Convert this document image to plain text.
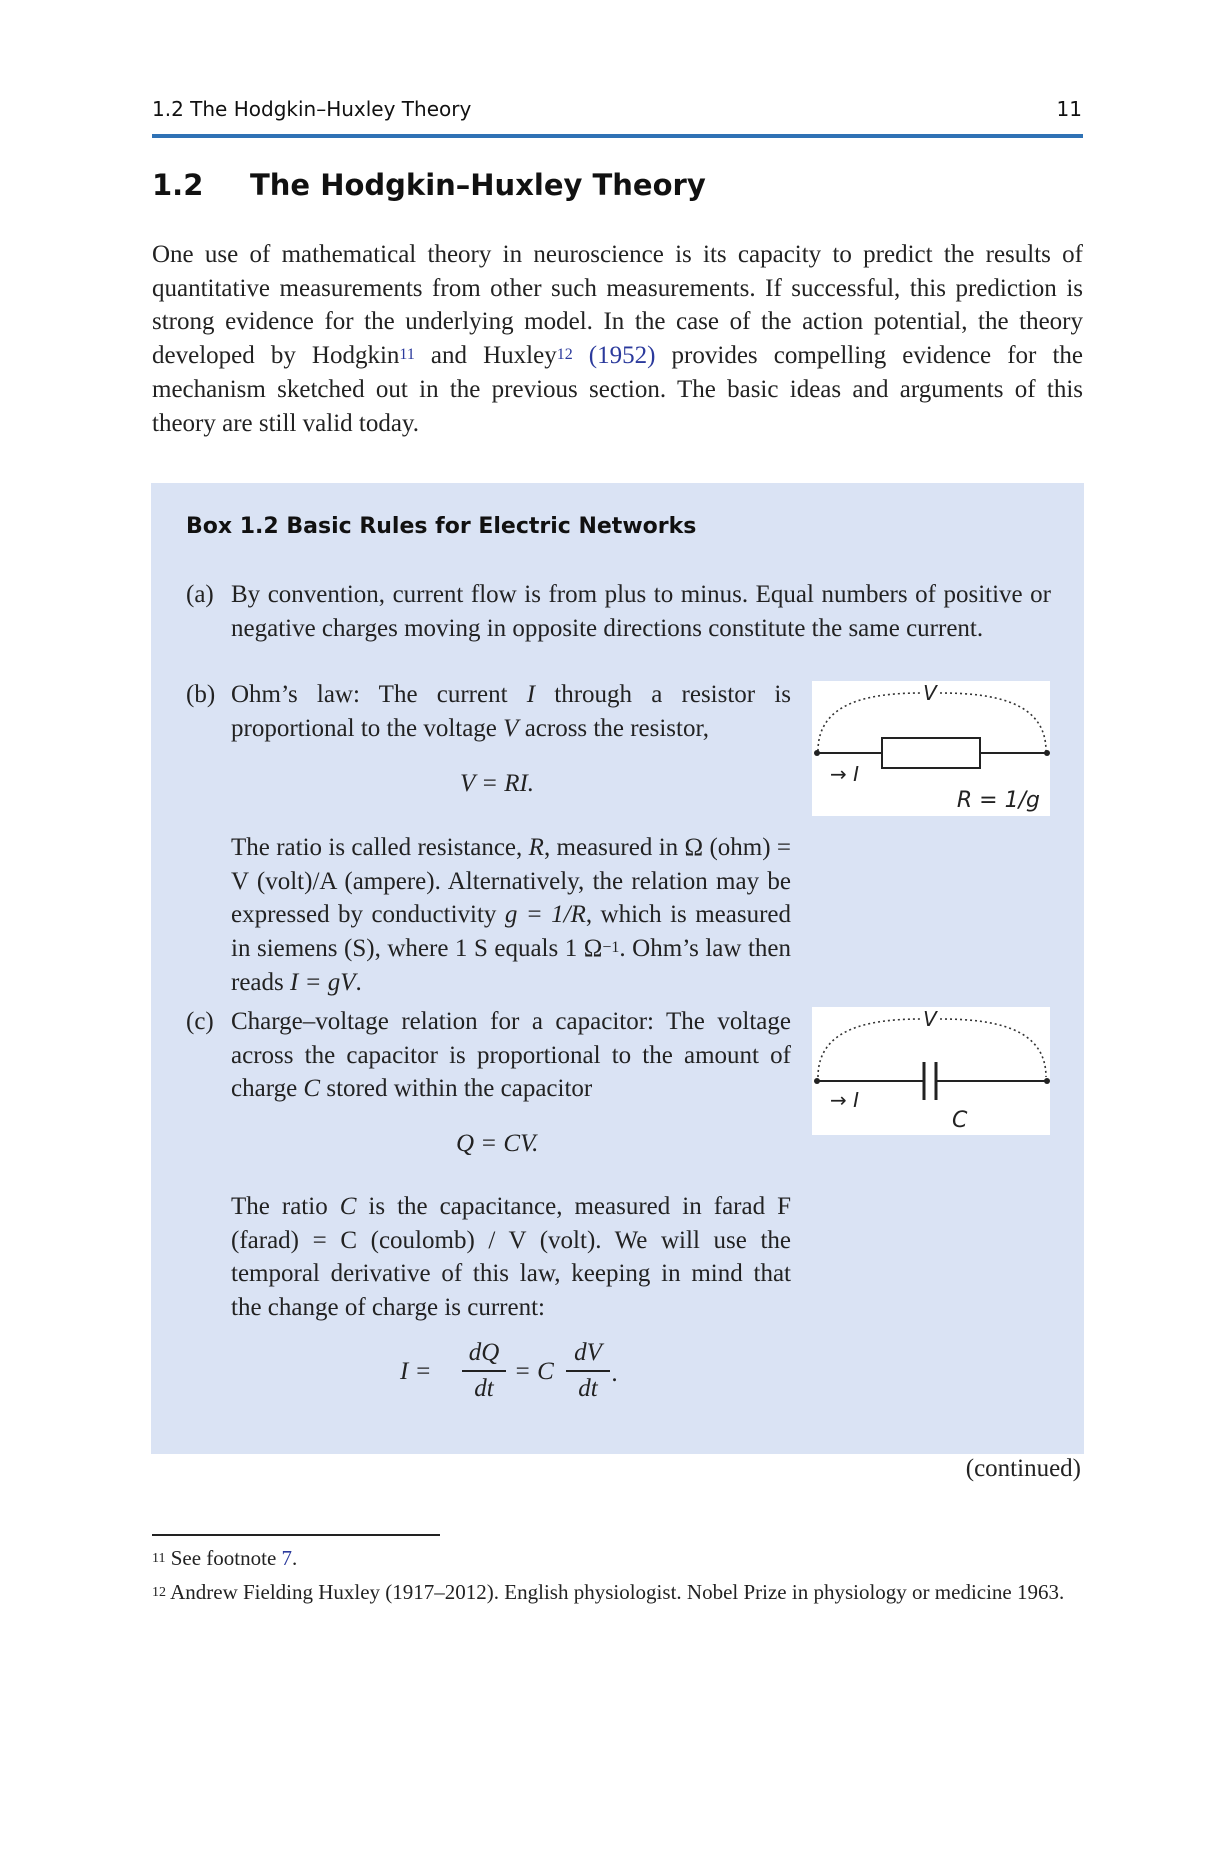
1.2 The Hodgkin–Huxley Theory	11
1.2 The Hodgkin–Huxley Theory
One use of mathematical theory in neuroscience is its capacity to predict the results of quantitative measurements from other such measurements. If successful, this prediction is strong evidence for the underlying model. In the case of the action potential, the theory developed by Hodgkin$^{11}$ and Huxley$^{12}$ (1952) provides compelling evidence for the mechanism sketched out in the previous section. The basic ideas and arguments of this theory are still valid today.
Box 1.2 Basic Rules for Electric Networks
(a) By convention, current flow is from plus to minus. Equal numbers of positive or negative charges moving in opposite directions constitute the same current.
(b) Ohm’s law: The current I through a resistor is proportional to the voltage V across the resistor,
V = RI.
The ratio is called resistance, R, measured in Ω (ohm) = V (volt)/A (ampere). Alternatively, the relation may be expressed by conductivity g = 1/R, which is measured in siemens (S), where 1 S equals 1 $\Omega^{-1}$. Ohm’s law then reads I = gV.
V
→ I
R = 1/g
(c) Charge–voltage relation for a capacitor: The voltage across the capacitor is proportional to the amount of charge C stored within the capacitor
Q = CV.
The ratio C is the capacitance, measured in farad F (farad) = C (coulomb) / V (volt). We will use the temporal derivative of this law, keeping in mind that the change of charge is current:
I =
dQ
dt
= C
dV
dt
.
V
→ I
C
(continued)
$^{11}$ See footnote 7.
$^{12}$ Andrew Fielding Huxley (1917–2012). English physiologist. Nobel Prize in physiology or medicine 1963.
